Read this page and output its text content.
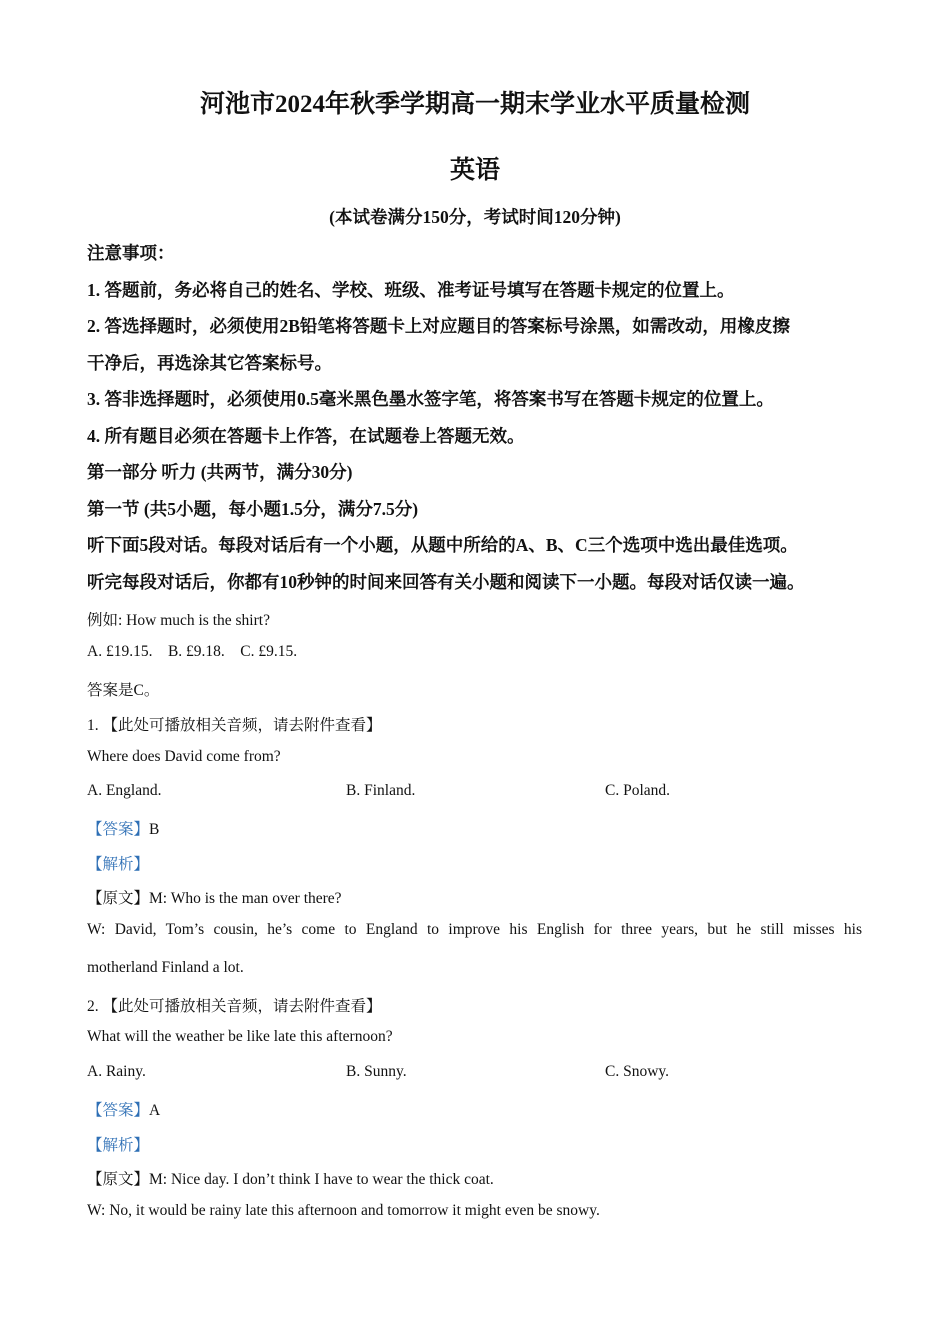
河池市2024年秋季学期高一期末学业水平质量检测
英语
(本试卷满分150分，考试时间120分钟)
注意事项：
1. 答题前，务必将自己的姓名、学校、班级、准考证号填写在答题卡规定的位置上。
2. 答选择题时，必须使用2B铅笔将答题卡上对应题目的答案标号涂黑，如需改动，用橡皮擦
干净后，再选涂其它答案标号。
3. 答非选择题时，必须使用0.5毫米黑色墨水签字笔，将答案书写在答题卡规定的位置上。
4. 所有题目必须在答题卡上作答，在试题卷上答题无效。
第一部分 听力 (共两节，满分30分)
第一节 (共5小题，每小题1.5分，满分7.5分)
听下面5段对话。每段对话后有一个小题，从题中所给的A、B、C三个选项中选出最佳选项。
听完每段对话后，你都有10秒钟的时间来回答有关小题和阅读下一小题。每段对话仅读一遍。
例如: How much is the shirt?
A. £19.15.    B. £9.18.    C. £9.15.
答案是C。
1. 【此处可播放相关音频，请去附件查看】
Where does David come from?
A. England.	B. Finland.	C. Poland.
【答案】B
【解析】
【原文】M: Who is the man over there?
W: David, Tom’s cousin, he’s come to England to improve his English for three years, but he still misses his
motherland Finland a lot.
2. 【此处可播放相关音频，请去附件查看】
What will the weather be like late this afternoon?
A. Rainy.	B. Sunny.	C. Snowy.
【答案】A
【解析】
【原文】M: Nice day. I don’t think I have to wear the thick coat.
W: No, it would be rainy late this afternoon and tomorrow it might even be snowy.
